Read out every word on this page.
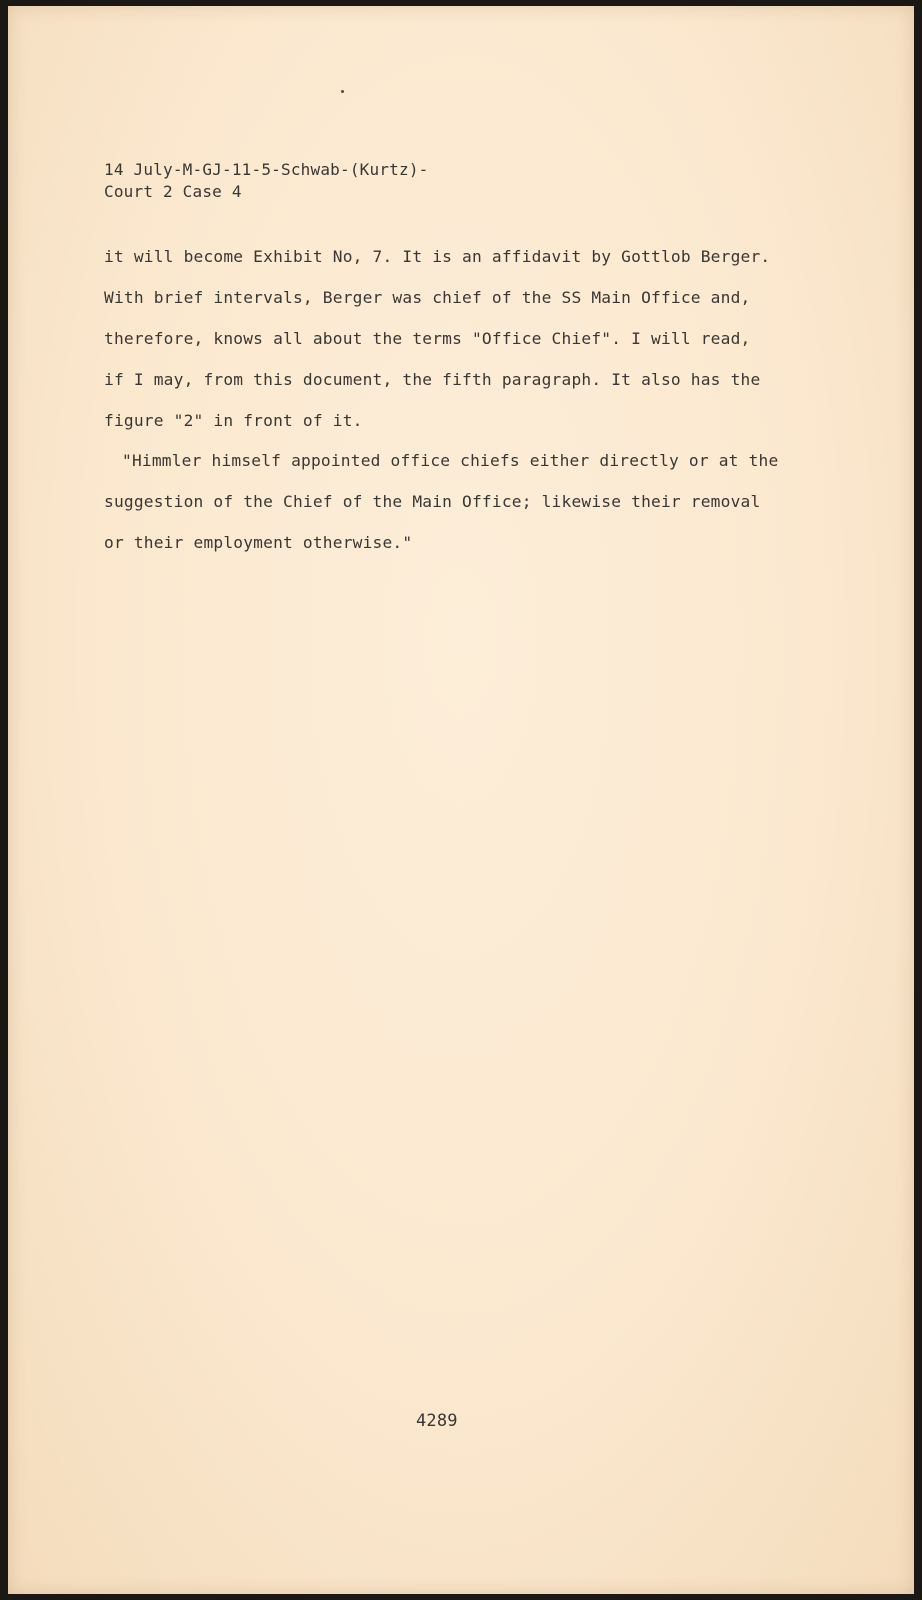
14 July-M-GJ-11-5-Schwab-(Kurtz)-
Court 2 Case 4
it will become Exhibit No, 7. It is an affidavit by Gottlob Berger.
With brief intervals, Berger was chief of the SS Main Office and,
therefore, knows all about the terms "Office Chief". I will read,
if I may, from this document, the fifth paragraph. It also has the
figure "2" in front of it.
"Himmler himself appointed office chiefs either directly or at the
suggestion of the Chief of the Main Office; likewise their removal
or their employment otherwise."
4289
